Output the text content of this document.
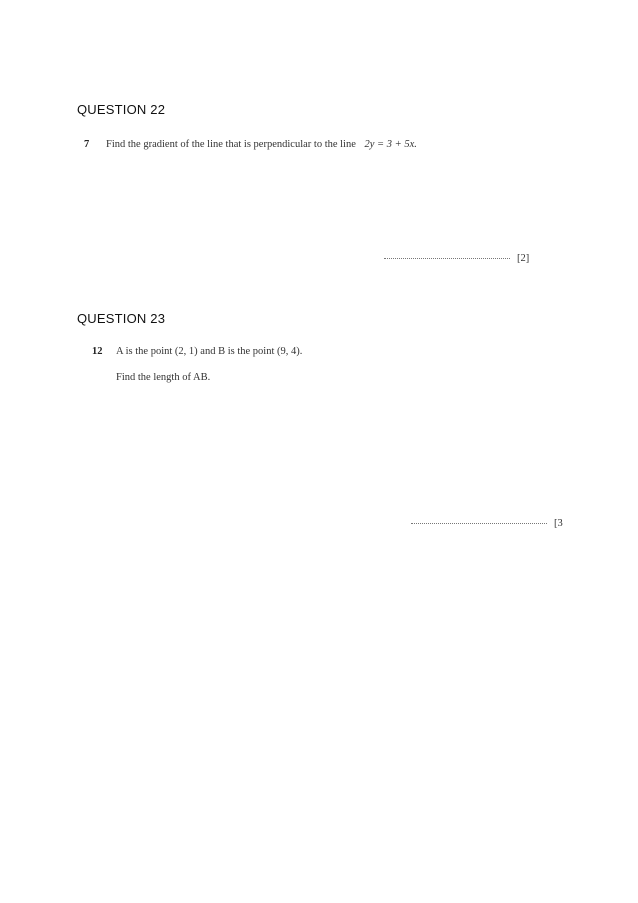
QUESTION 22
7 Find the gradient of the line that is perpendicular to the line 2y = 3 + 5x.
[2]
QUESTION 23
12 A is the point (2, 1) and B is the point (9, 4).
Find the length of AB.
[3
